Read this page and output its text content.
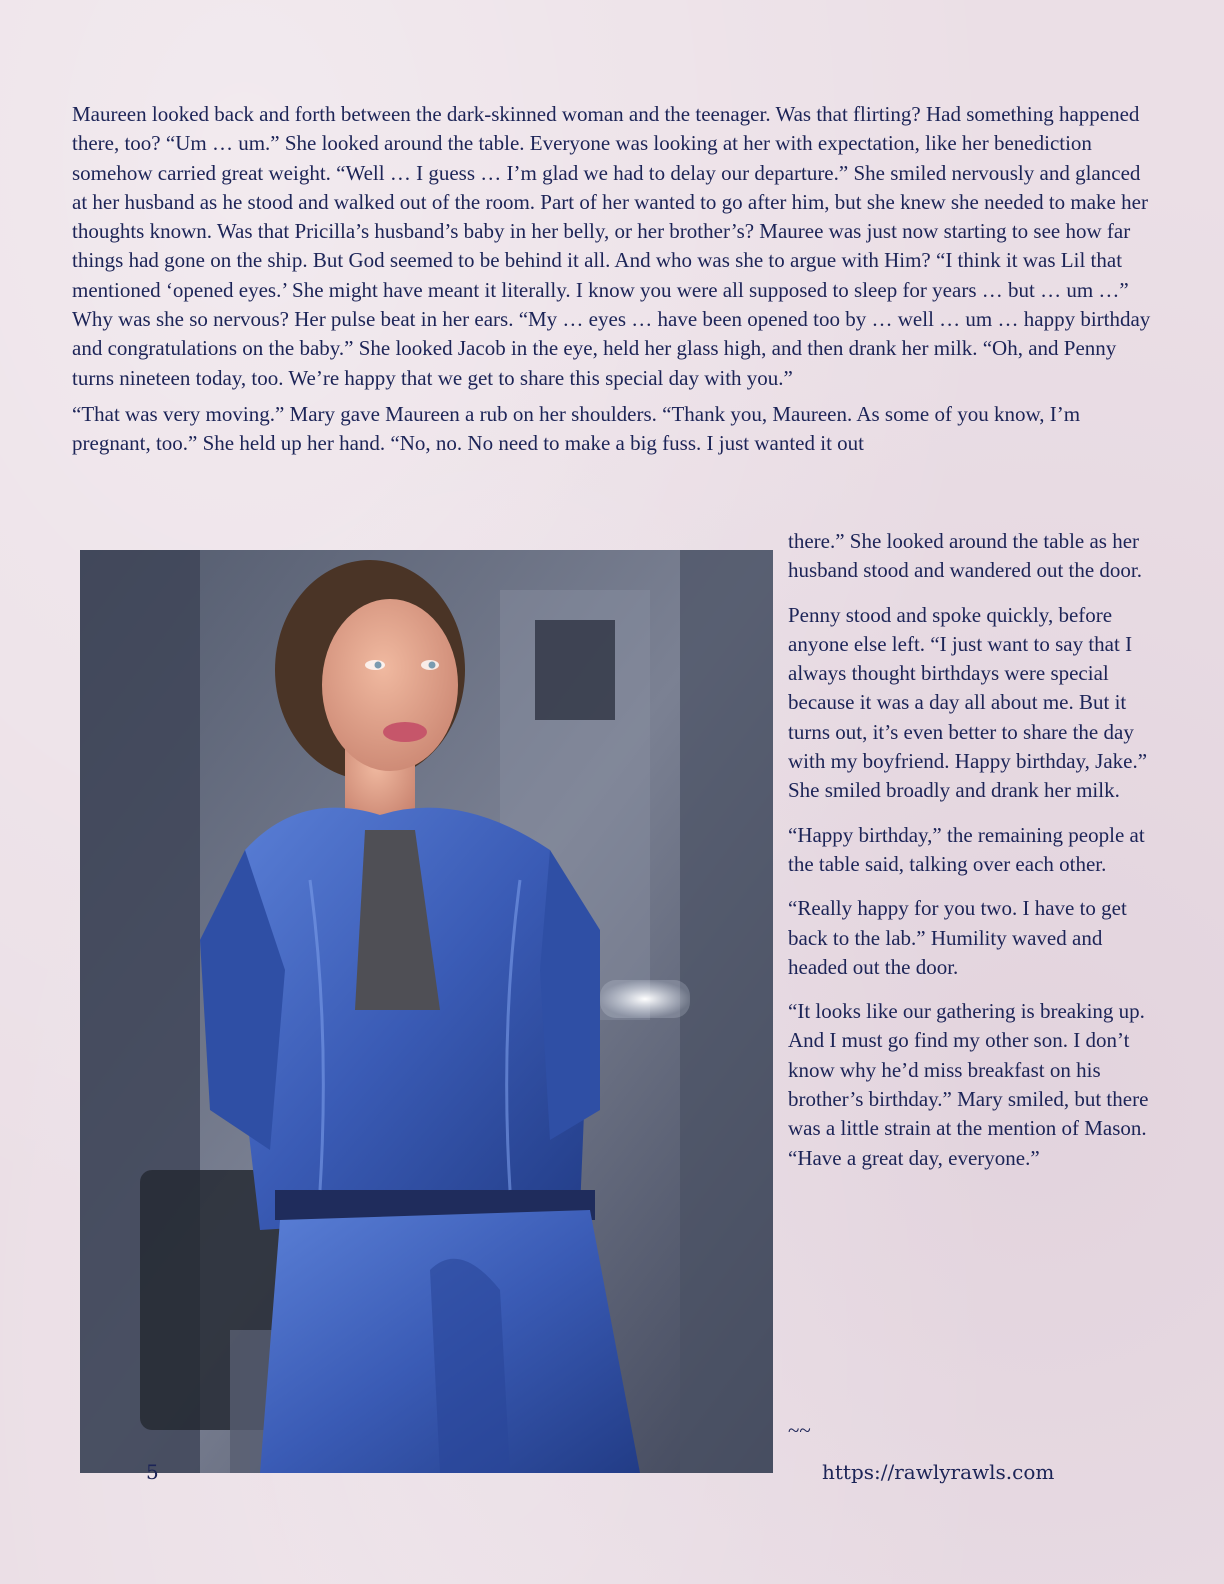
Maureen looked back and forth between the dark-skinned woman and the teenager. Was that flirting? Had something happened there, too? “Um … um.” She looked around the table. Everyone was looking at her with expectation, like her benediction somehow carried great weight. “Well … I guess … I’m glad we had to delay our departure.” She smiled nervously and glanced at her husband as he stood and walked out of the room. Part of her wanted to go after him, but she knew she needed to make her thoughts known. Was that Pricilla’s husband’s baby in her belly, or her brother’s? Mauree was just now starting to see how far things had gone on the ship. But God seemed to be behind it all. And who was she to argue with Him? “I think it was Lil that mentioned ‘opened eyes.’ She might have meant it literally. I know you were all supposed to sleep for years … but … um …” Why was she so nervous? Her pulse beat in her ears. “My … eyes … have been opened too by … well … um … happy birthday and congratulations on the baby.” She looked Jacob in the eye, held her glass high, and then drank her milk. “Oh, and Penny turns nineteen today, too. We’re happy that we get to share this special day with you.”

“That was very moving.” Mary gave Maureen a rub on her shoulders. “Thank you, Maureen. As some of you know, I’m pregnant, too.” She held up her hand. “No, no. No need to make a big fuss. I just wanted it out

there.” She looked around the table as her husband stood and wandered out the door.

Penny stood and spoke quickly, before anyone else left. “I just want to say that I always thought birthdays were special because it was a day all about me. But it turns out, it’s even better to share the day with my boyfriend. Happy birthday, Jake.” She smiled broadly and drank her milk.

“Happy birthday,” the remaining people at the table said, talking over each other.

“Really happy for you two. I have to get back to the lab.” Humility waved and headed out the door.

“It looks like our gathering is breaking up. And I must go find my other son. I don’t know why he’d miss breakfast on his brother’s birthday.” Mary smiled, but there was a little strain at the mention of Mason. “Have a great day, everyone.”

~~
5	https://rawlyrawls.com
